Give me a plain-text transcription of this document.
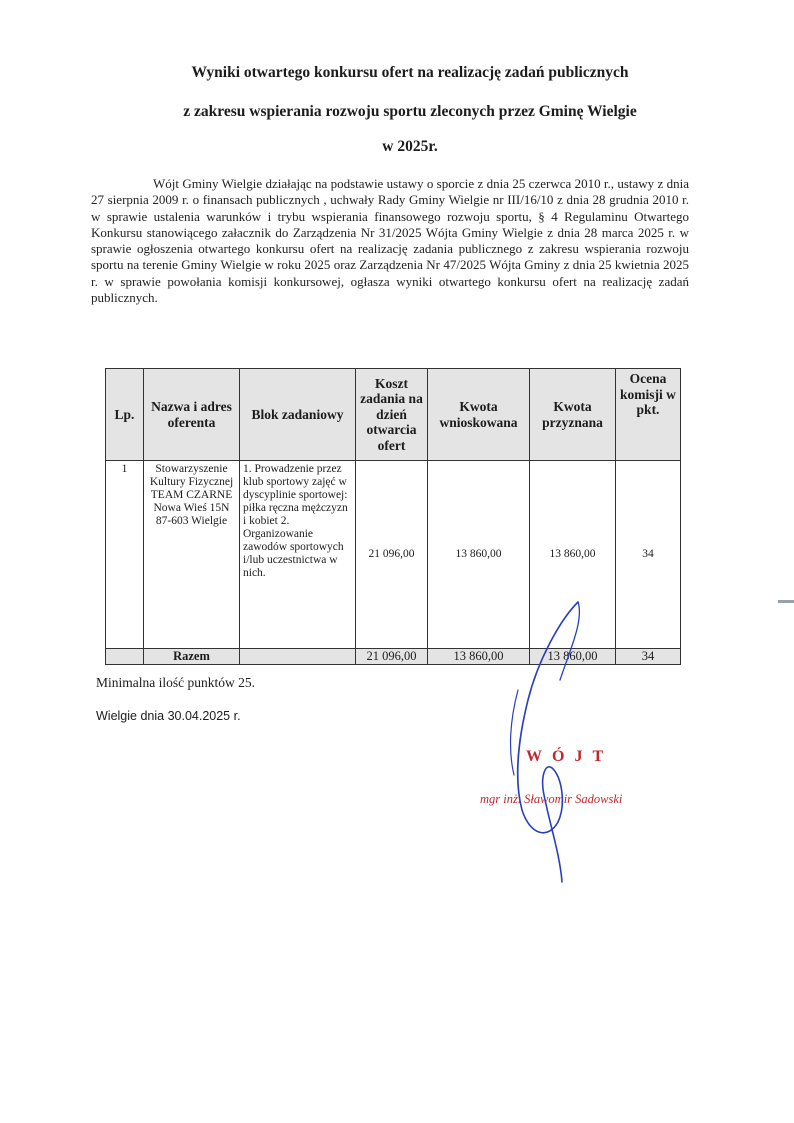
Wyniki otwartego konkursu ofert na realizację zadań publicznych
z zakresu wspierania rozwoju sportu zleconych przez Gminę Wielgie
w 2025r.
Wójt Gminy Wielgie działając na podstawie ustawy o sporcie z dnia 25 czerwca 2010 r., ustawy z dnia 27 sierpnia 2009 r. o finansach publicznych , uchwały Rady Gminy Wielgie nr III/16/10 z dnia 28 grudnia 2010 r. w sprawie ustalenia warunków i trybu wspierania finansowego rozwoju sportu, § 4 Regulaminu Otwartego Konkursu stanowiącego załacznik do Zarządzenia Nr 31/2025 Wójta Gminy Wielgie z dnia 28 marca 2025 r. w sprawie ogłoszenia otwartego konkursu ofert na realizację zadania publicznego z zakresu wspierania rozwoju sportu na terenie Gminy Wielgie w roku 2025 oraz Zarządzenia Nr 47/2025 Wójta Gminy z dnia 25 kwietnia 2025 r. w sprawie powołania komisji konkursowej, ogłasza wyniki otwartego konkursu ofert na realizację zadań publicznych.
Lp.	Nazwa i adres oferenta	Blok zadaniowy	Koszt zadania na dzień otwarcia ofert	Kwota wnioskowana	Kwota przyznana	Ocena komisji w pkt.
1	Stowarzyszenie Kultury Fizycznej TEAM CZARNE Nowa Wieś 15N 87-603 Wielgie	1. Prowadzenie przez klub sportowy zajęć w dyscyplinie sportowej: piłka ręczna mężczyzn i kobiet 2. Organizowanie zawodów sportowych i/lub uczestnictwa w nich.	21 096,00	13 860,00	13 860,00	34
	Razem		21 096,00	13 860,00	13 860,00	34
Minimalna ilość punktów 25.
Wielgie dnia 30.04.2025 r.
WÓJT
mgr inż. Sławomir Sadowski
